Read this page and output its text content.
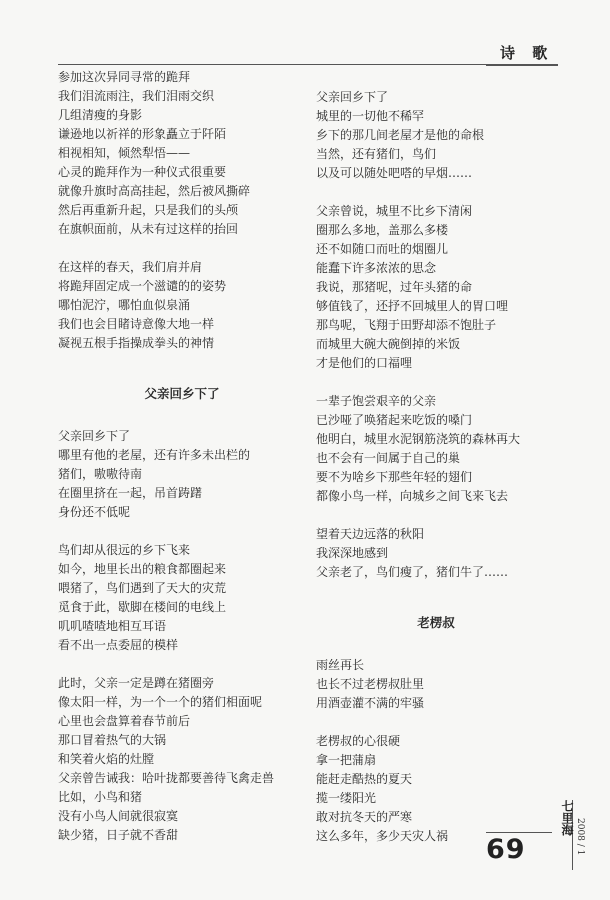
诗 歌
参加这次异同寻常的跪拜
我们泪流雨注，我们泪雨交织
几组清瘦的身影
谦逊地以祈祥的形象矗立于阡陌
相视相知，倾然犁悟——
心灵的跪拜作为一种仪式很重要
就像升旗时高高挂起，然后被风撕碎
然后再重新升起，只是我们的头颅
在旗帜面前，从未有过这样的抬回
在这样的春天，我们肩并肩
将跪拜固定成一个滋谴的的姿势
哪怕泥泞，哪怕血似泉涌
我们也会目睹诗意像大地一样
凝视五根手指操成拳头的神情
父亲回乡下了
父亲回乡下了
哪里有他的老屋，还有许多未出栏的
猪们，嗷嗷待南
在圈里挤在一起，吊首踌躇
身份还不低呢
鸟们却从很远的乡下飞来
如今，地里长出的粮食都圈起来
喂猪了，鸟们遇到了天大的灾荒
觅食于此，歇脚在楼间的电线上
叽叽喳喳地相互耳语
看不出一点委屈的模样
此时，父亲一定是蹲在猪圈旁
像太阳一样，为一个一个的猪们相面呢
心里也会盘算着春节前后
那口冒着热气的大锅
和笑着火焰的灶膛
父亲曾告诫我：哈叶拢都要善待飞禽走兽
比如，小鸟和猪
没有小鸟人间就很寂寞
缺少猪，日子就不香甜
父亲回乡下了
城里的一切他不稀罕
乡下的那几间老屋才是他的命根
当然，还有猪们，鸟们
以及可以随处吧嗒的早烟……
父亲曾说，城里不比乡下清闲
圈那么多地，盖那么多楼
还不如随口而吐的烟圈儿
能蠢下许多浓浓的思念
我说，那猪呢，过年头猪的命
够值钱了，还抒不回城里人的胃口哩
那鸟呢，飞翔于田野却添不饱肚子
而城里大碗大碗倒掉的米饭
才是他们的口福哩
一辈子饱尝艰辛的父亲
已沙哑了唤猪起来吃饭的嗓门
他明白，城里水泥钢筋浇筑的森林再大
也不会有一间属于自己的巢
要不为啥乡下那些年轻的翅们
都像小鸟一样，向城乡之间飞来飞去
望着天边远落的秋阳
我深深地感到
父亲老了，鸟们瘦了，猪们牛了……
老楞叔
雨丝再长
也长不过老楞叔肚里
用酒壶灌不满的牢骚
老楞叔的心很硬
拿一把蒲扇
能赶走酷热的夏天
揽一缕阳光
敢对抗冬天的严寒
这么多年，多少天灾人祸	69
七里海 2008 / 1
